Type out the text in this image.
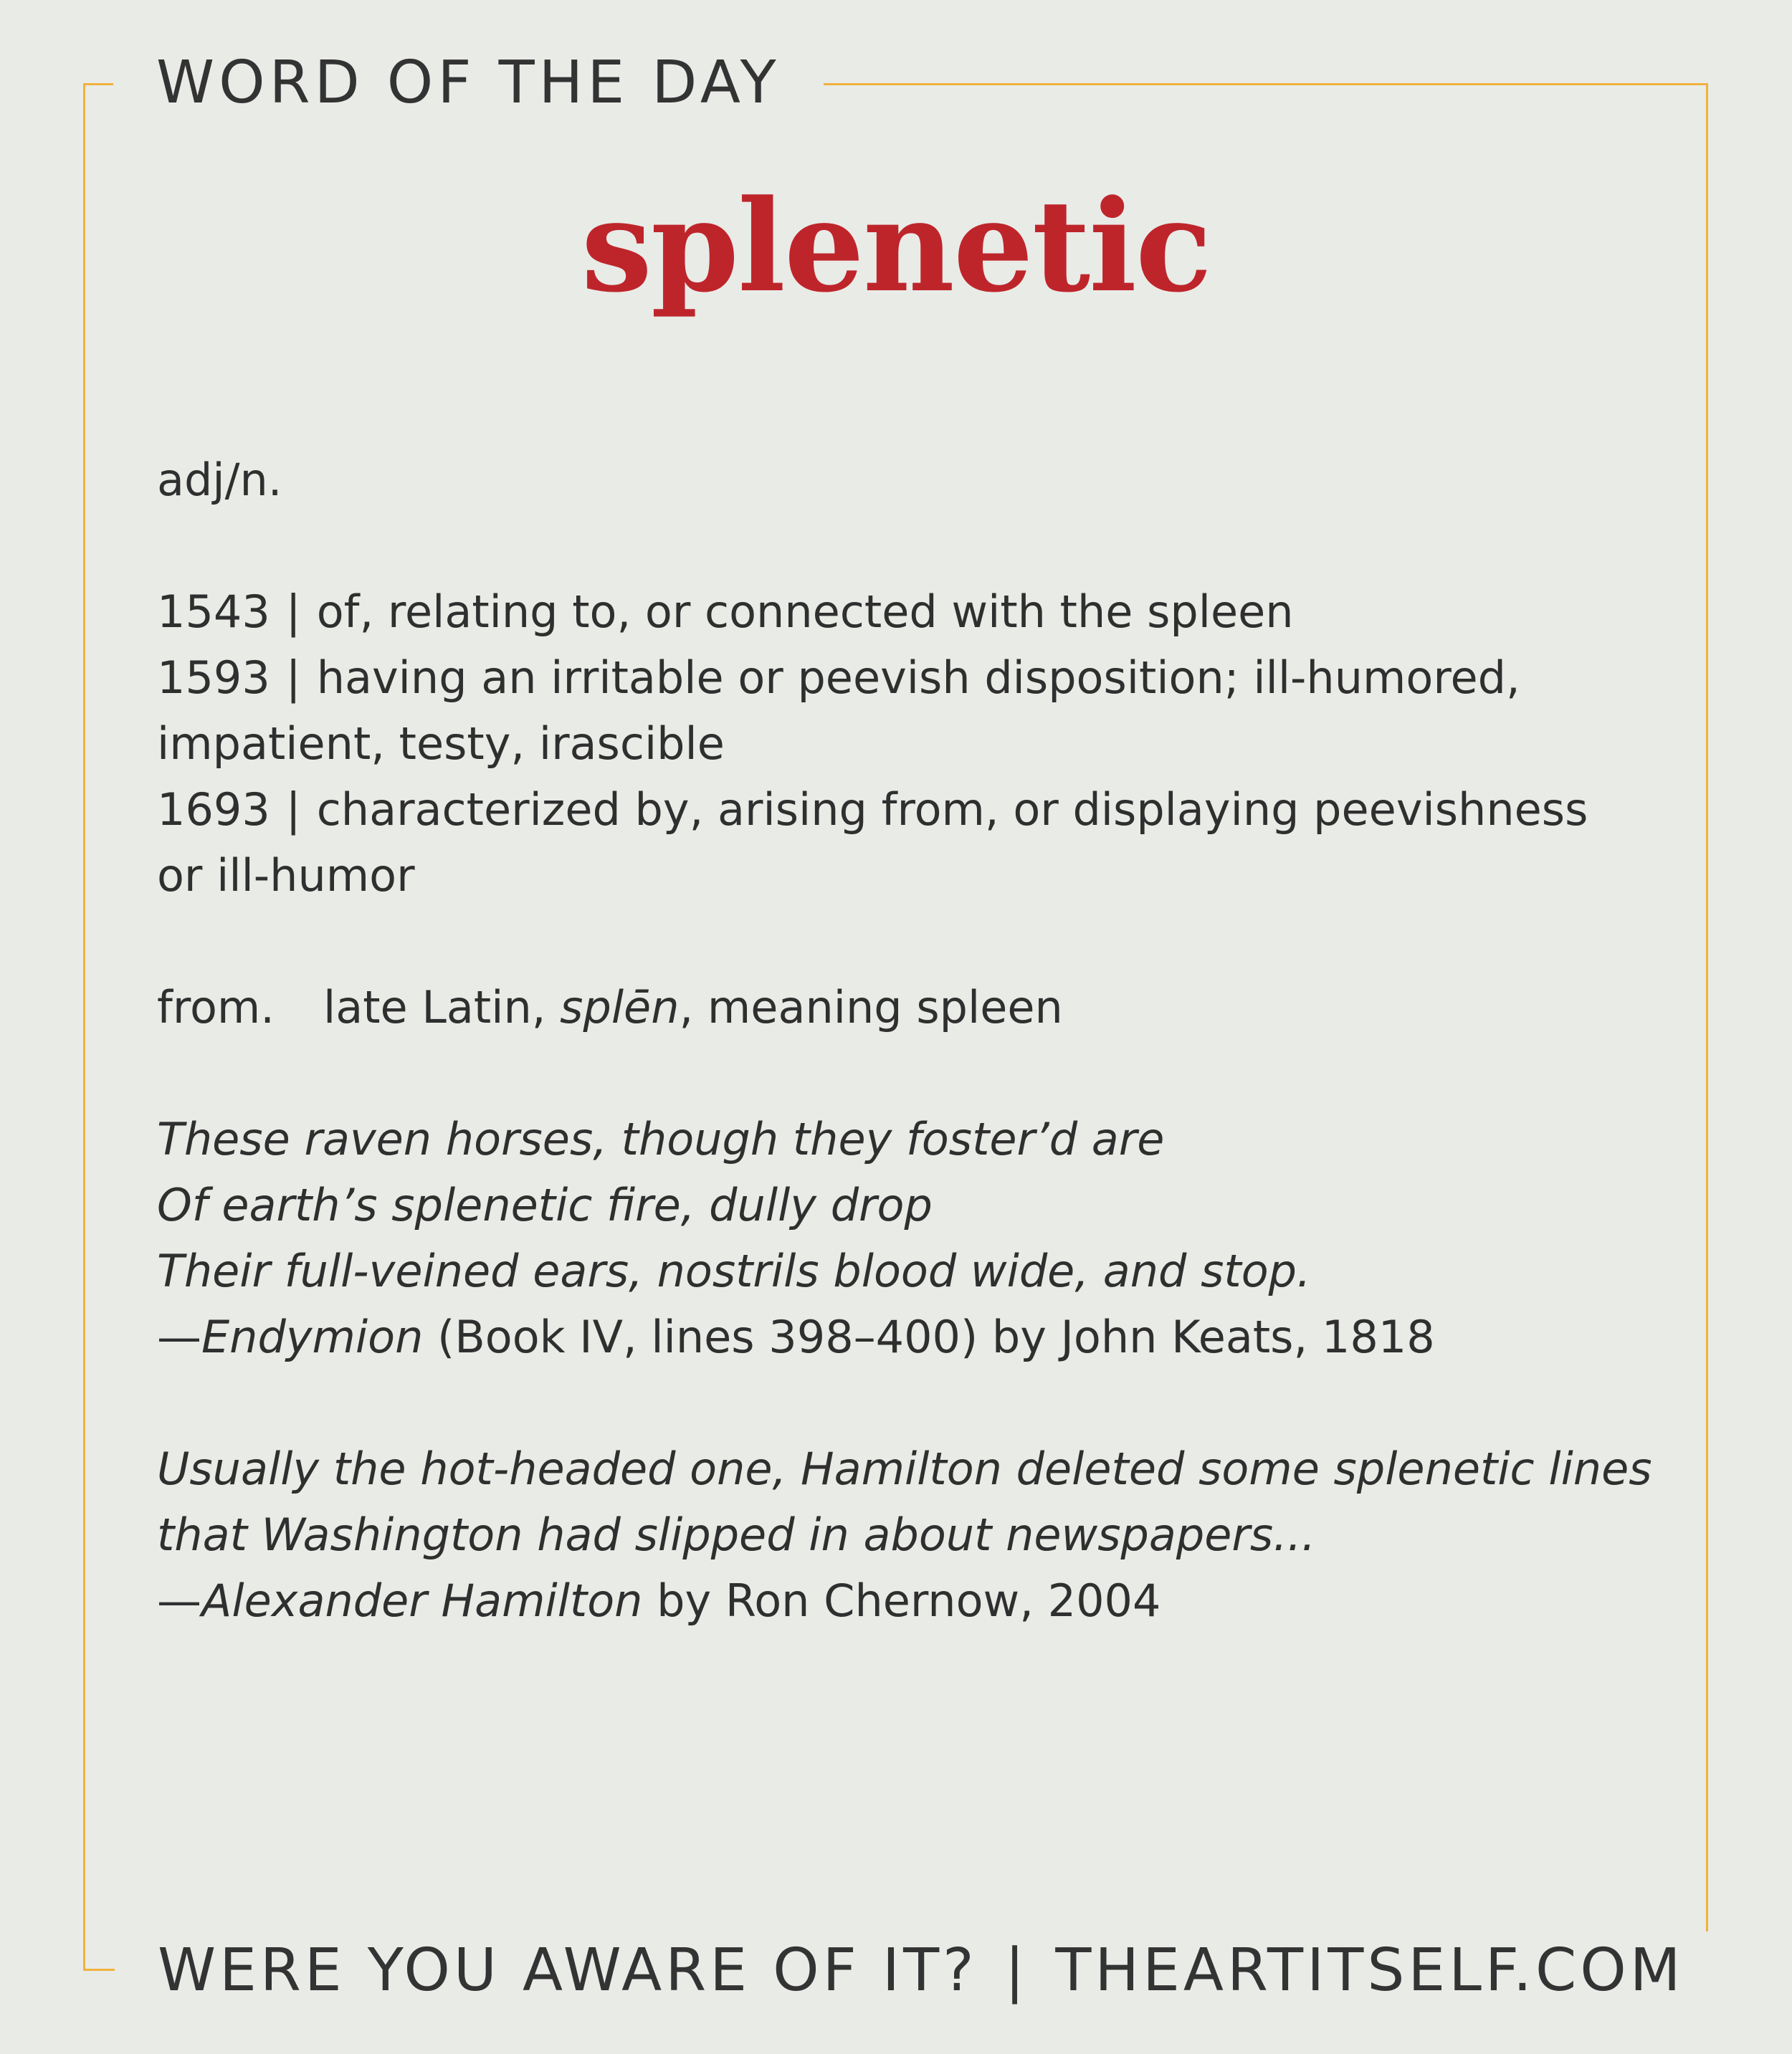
WORD OF THE DAY
splenetic
adj/n.
1543 | of, relating to, or connected with the spleen
1593 | having an irritable or peevish disposition; ill-humored,
impatient, testy, irascible
1693 | characterized by, arising from, or displaying peevishness
or ill-humor
from. late Latin, splēn, meaning spleen
These raven horses, though they foster’d are
Of earth’s splenetic fire, dully drop
Their full-veined ears, nostrils blood wide, and stop.
—Endymion (Book IV, lines 398–400) by John Keats, 1818
Usually the hot-headed one, Hamilton deleted some splenetic lines
that Washington had slipped in about newspapers...
—Alexander Hamilton by Ron Chernow, 2004
WERE YOU AWARE OF IT? | THEARTITSELF.COM
